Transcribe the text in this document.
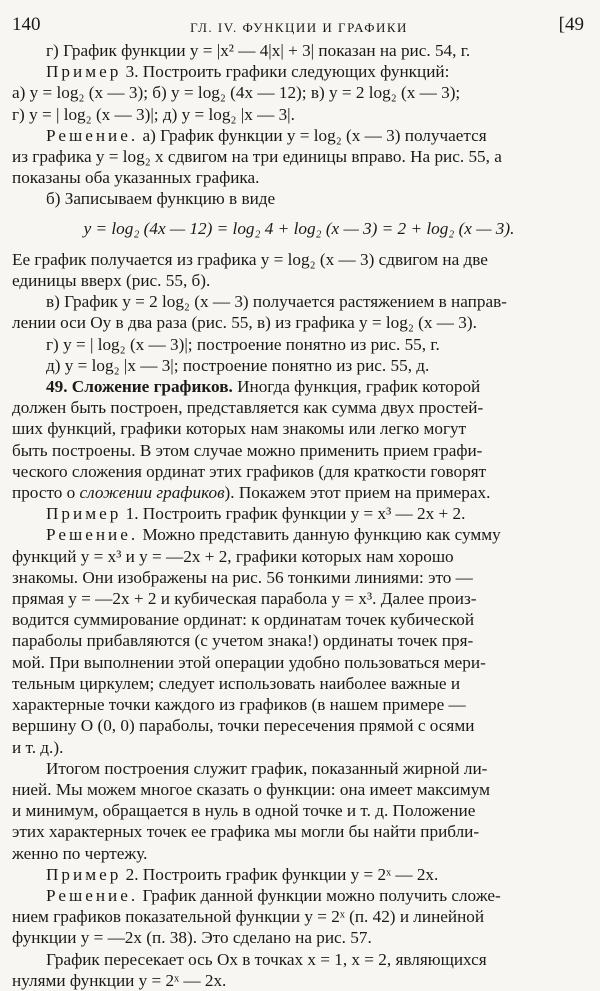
140	ГЛ. IV. ФУНКЦИИ И ГРАФИКИ	[49

г) График функции y = |x² — 4|x| + 3| показан на рис. 54, г.

Пример 3. Построить графики следующих функций:

а) y = log₂ (x — 3); б) y = log₂ (4x — 12); в) y = 2 log₂ (x — 3);

г) y = | log₂ (x — 3)|; д) y = log₂ |x — 3|.

Решение. а) График функции y = log₂ (x — 3) получается

из графика y = log₂ x сдвигом на три единицы вправо. На рис. 55, а

показаны оба указанных графика.

б) Записываем функцию в виде

y = log₂ (4x — 12) = log₂ 4 + log₂ (x — 3) = 2 + log₂ (x — 3).

Ее график получается из графика y = log₂ (x — 3) сдвигом на две

единицы вверх (рис. 55, б).

в) График y = 2 log₂ (x — 3) получается растяжением в направ-

лении оси Oy в два раза (рис. 55, в) из графика y = log₂ (x — 3).

г) y = | log₂ (x — 3)|; построение понятно из рис. 55, г.

д) y = log₂ |x — 3|; построение понятно из рис. 55, д.

49. Сложение графиков. Иногда функция, график которой

должен быть построен, представляется как сумма двух простей-

ших функций, графики которых нам знакомы или легко могут

быть построены. В этом случае можно применить прием графи-

ческого сложения ординат этих графиков (для краткости говорят

просто о сложении графиков). Покажем этот прием на примерах.

Пример 1. Построить график функции y = x³ — 2x + 2.

Решение. Можно представить данную функцию как сумму

функций y = x³ и y = —2x + 2, графики которых нам хорошо

знакомы. Они изображены на рис. 56 тонкими линиями: это —

прямая y = —2x + 2 и кубическая парабола y = x³. Далее произ-

водится суммирование ординат: к ординатам точек кубической

параболы прибавляются (с учетом знака!) ординаты точек пря-

мой. При выполнении этой операции удобно пользоваться мери-

тельным циркулем; следует использовать наиболее важные и

характерные точки каждого из графиков (в нашем примере —

вершину O (0, 0) параболы, точки пересечения прямой с осями

и т. д.).

Итогом построения служит график, показанный жирной ли-

нией. Мы можем многое сказать о функции: она имеет максимум

и минимум, обращается в нуль в одной точке и т. д. Положение

этих характерных точек ее графика мы могли бы найти прибли-

женно по чертежу.

Пример 2. Построить график функции y = 2ˣ — 2x.

Решение. График данной функции можно получить сложе-

нием графиков показательной функции y = 2ˣ (п. 42) и линейной

функции y = —2x (п. 38). Это сделано на рис. 57.

График пересекает ось Ox в точках x = 1, x = 2, являющихся

нулями функции y = 2ˣ — 2x.
